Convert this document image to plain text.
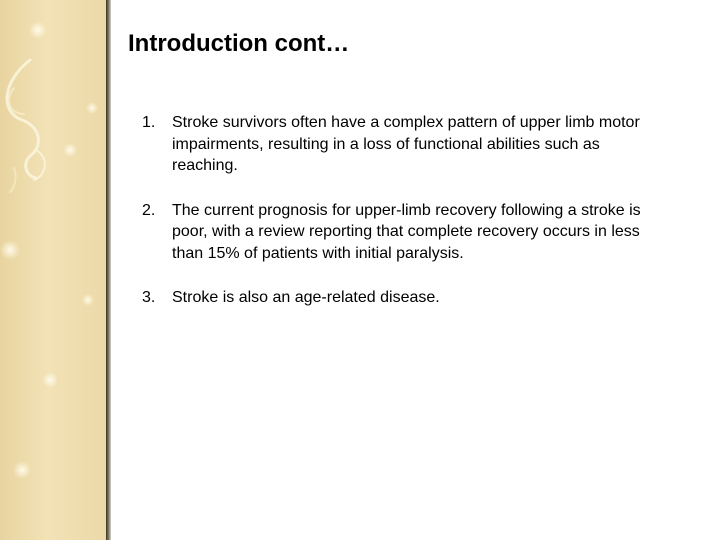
Introduction cont…
1. Stroke survivors often have a complex pattern of upper limb motor impairments, resulting in a loss of functional abilities such as reaching.
2. The current prognosis for upper-limb recovery following a stroke is poor, with a review reporting that complete recovery occurs in less than 15% of patients with initial paralysis.
3. Stroke is also an age-related disease.
